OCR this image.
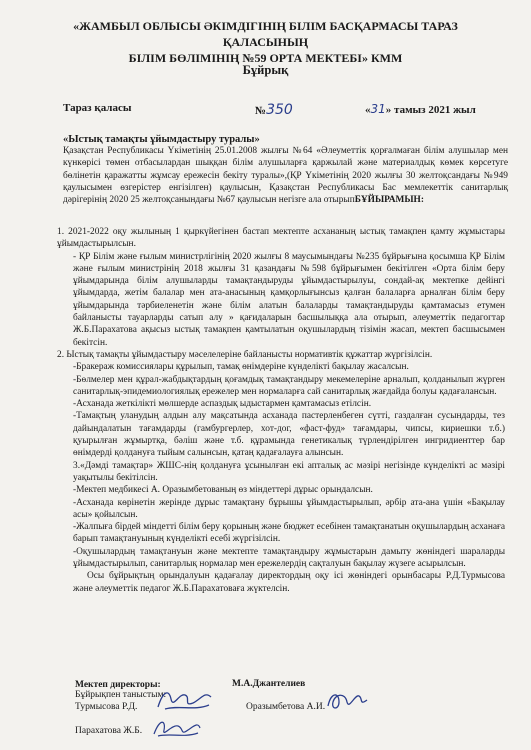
«ЖАМБЫЛ ОБЛЫСЫ ӘКІМДІГІНІҢ БІЛІМ БАСҚАРМАСЫ ТАРАЗ ҚАЛАСЫНЫҢ
БІЛІМ БӨЛІМІНІҢ №59 ОРТА МЕКТЕБІ» КММ
Бұйрық
Тараз қаласы	№350	«31» тамыз 2021 жыл
«Ыстық тамақты ұйымдастыру туралы»
Қазақстан Республикасы Үкіметінің 25.01.2008 жылғы №64 «Әлеуметтік қорғалмаған білім алушылар мен күнкөрісі төмен отбасылардан шыққан білім алушыларға қаржылай және материалдық көмек көрсетуге бөлінетін қаражатты жұмсау ережесін бекіту туралы»,(ҚР Үкіметінің 2020 жылғы 30 желтоқсандағы №949 қаулысымен өзгерістер енгізілген) қаулысын, Қазақстан Республикасы Бас мемлекеттік санитарлық дәрігерінің 2020 25 желтоқсанындағы №67 қаулысын негізге ала отырыпБҰЙЫРАМЫН:

1. 2021-2022 оқу жылының 1 қыркүйегінен бастап мектепте асхананың ыстық тамақпен қамту жұмыстары ұйымдастырылсын.

- ҚР Білім және ғылым министрлігінің 2020 жылғы 8 маусымындағы №235 бұйрығына қосымша ҚР Білім және ғылым министрінің 2018 жылғы 31 қазандағы №598 бұйрығымен бекітілген «Орта білім беру ұйымдарында білім алушыларды тамақтандыруды ұйымдастырылуы, сондай-ақ мектепке дейінгі ұйымдарда, жетім балалар мен ата-анасының қамқорлығынсыз қалған балаларға арналған білім беру ұйымдарында тәрбиеленетін және білім алатын балаларды тамақтандыруды қамтамасыз етумен байланысты тауарларды сатып алу » қағидаларын басшылыққа ала отырып, әлеуметтік педагогтар Ж.Б.Парахатова ақысыз ыстық тамақпен қамтылатын оқушылардың тізімін жасап, мектеп басшысымен бекітсін.

2. Ыстық тамақты ұйымдастыру мәселелеріне байланысты нормативтік құжаттар жүргізілсін.

-Бракераж комиссиялары құрылып, тамақ өнімдеріне күнделікті бақылау жасалсын.

-Бөлмелер мен құрал-жабдықтардың қоғамдық тамақтандыру мекемелеріне арналып, қолданылып жүрген санитарлық-эпидемиологиялық ережелер мен нормаларға сай санитарлық жағдайда болуы қадағалансын.

-Асханада жеткілікті мөлшерде аспаздық ыдыстармен қамтамасыз етілсін.

-Тамақтың уланудың алдын алу мақсатында асханада пастерленбеген сүтті, газдалған сусындарды, тез дайындалатын тағамдарды (гамбургерлер, хот-дог, «фаст-фуд» тағамдары, чипсы, кириешки т.б.) қуырылған жұмыртқа, бәліш және т.б. құрамында генетикалық түрлендірілген ингридиенттер бар өнімдерді қолдануға тыйым салынсын, қатаң қадағалауға алынсын.

3.«Дәмді тамақтар» ЖШС-нің қолдануға ұсынылған екі апталық ас мәзірі негізінде күнделікті ас мәзірі уақытылы бекітілсін.

-Мектеп медбикесі А. Оразымбетованың өз міндеттері дұрыс орындалсын.

-Асханада көрінетін жерінде дұрыс тамақтану бұрышы ұйымдастырылып, әрбір ата-ана үшін «Бақылау асы» қойылсын.

-Жалпыға бірдей міндетті білім беру қорының және бюджет есебінен тамақтанатын оқушылардың асханаға барып тамақтануының күнделікті есебі жүргізілсін.

-Оқушылардың тамақтануын және мектепте тамақтандыру жұмыстарын дамыту жөніндегі шараларды ұйымдастырылып, санитарлық нормалар мен ережелердің сақталуын бақылау жүзеге асырылсын.

Осы бұйрықтың орындалуын қадағалау директордың оқу ісі жөніндегі орынбасары Р.Д.Турмысова және әлеуметтік педагог Ж.Б.Парахатоваға жүктелсін.

Мектеп директоры:	М.А.Джантелиев
Бұйрықпен таныстым:
Турмысова Р.Д.	Оразымбетова А.И.
Парахатова Ж.Б.
